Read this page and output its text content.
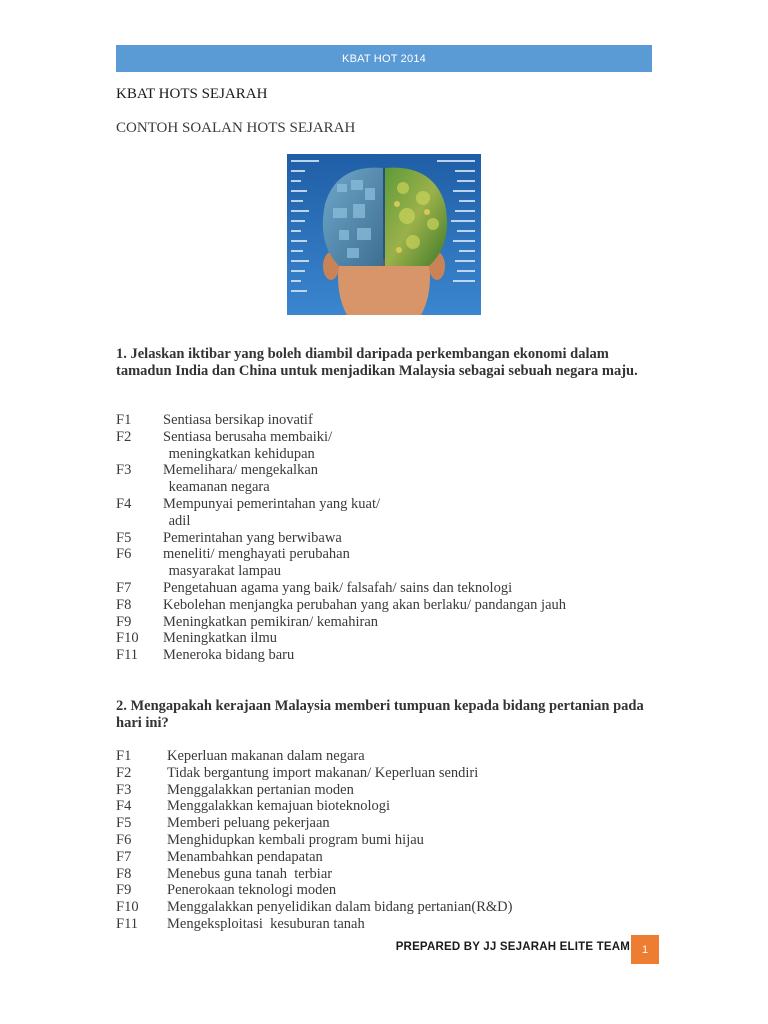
KBAT HOT 2014
KBAT HOTS SEJARAH
CONTOH SOALAN HOTS SEJARAH
1. Jelaskan iktibar yang boleh diambil daripada perkembangan ekonomi dalam tamadun India dan China untuk menjadikan Malaysia sebagai sebuah negara maju.
F1	Sentiasa bersikap inovatif
F2	Sentiasa berusaha membaiki/
meningkatkan kehidupan
F3	Memelihara/ mengekalkan
keamanan negara
F4	Mempunyai pemerintahan yang kuat/
adil
F5	Pemerintahan yang berwibawa
F6	meneliti/ menghayati perubahan
masyarakat lampau
F7	Pengetahuan agama yang baik/ falsafah/ sains dan teknologi
F8	Kebolehan menjangka perubahan yang akan berlaku/ pandangan jauh
F9	Meningkatkan pemikiran/ kemahiran
F10	Meningkatkan ilmu
F11	Meneroka bidang baru
2. Mengapakah kerajaan Malaysia memberi tumpuan kepada bidang pertanian pada hari ini?
F1	Keperluan makanan dalam negara
F2	Tidak bergantung import makanan/ Keperluan sendiri
F3	Menggalakkan pertanian moden
F4	Menggalakkan kemajuan bioteknologi
F5	Memberi peluang pekerjaan
F6	Menghidupkan kembali program bumi hijau
F7	Menambahkan pendapatan
F8	Menebus guna tanah  terbiar
F9	Penerokaan teknologi moden
F10	Menggalakkan penyelidikan dalam bidang pertanian(R&D)
F11	Mengeksploitasi  kesuburan tanah
PREPARED BY JJ SEJARAH ELITE TEAM 1
